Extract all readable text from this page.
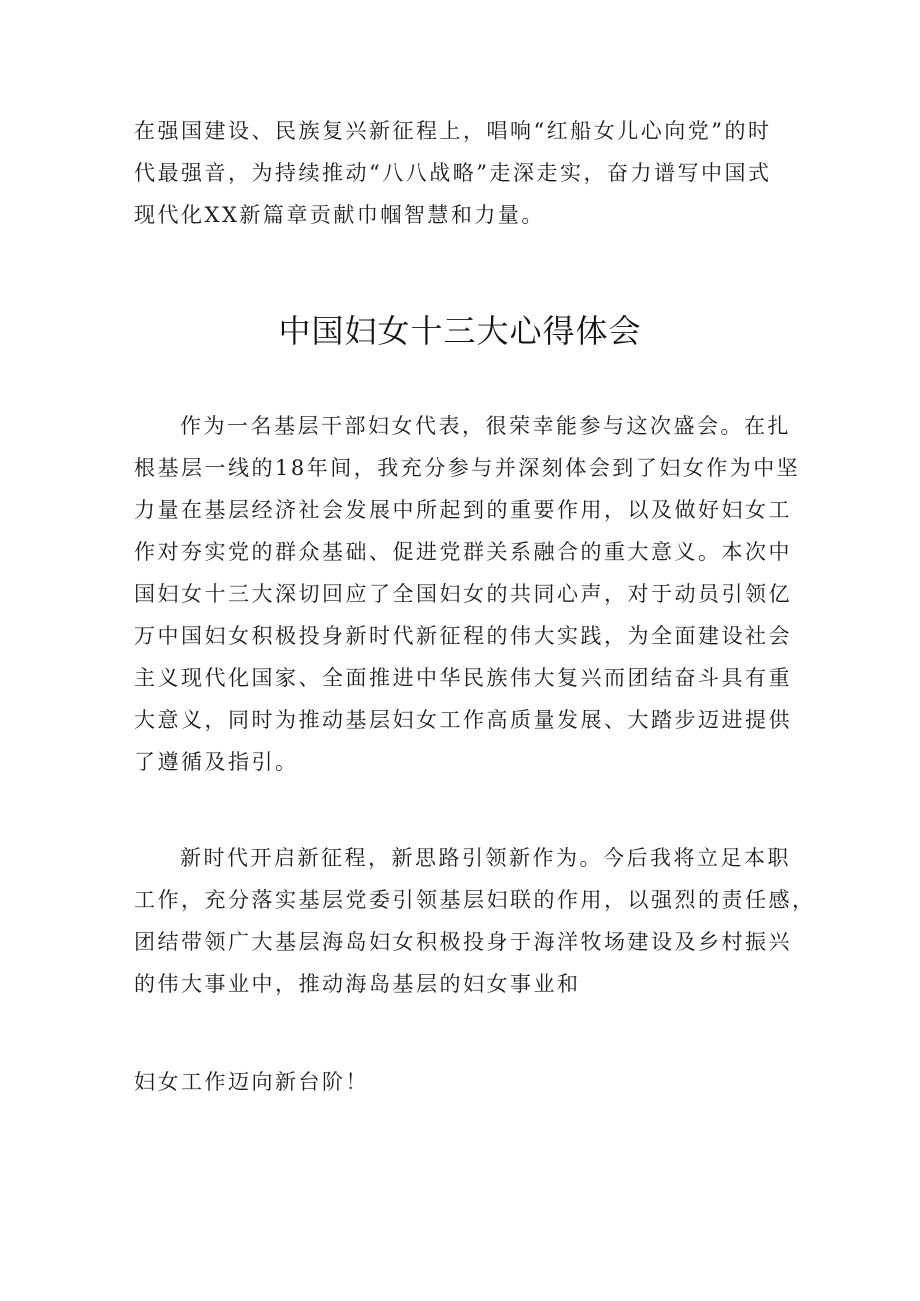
在强国建设、民族复兴新征程上，唱响“红船女儿心向党”的时
代最强音，为持续推动“八八战略”走深走实，奋力谱写中国式
现代化XX新篇章贡献巾帼智慧和力量。
中国妇女十三大心得体会
作为一名基层干部妇女代表，很荣幸能参与这次盛会。在扎
根基层一线的18年间，我充分参与并深刻体会到了妇女作为中坚
力量在基层经济社会发展中所起到的重要作用，以及做好妇女工
作对夯实党的群众基础、促进党群关系融合的重大意义。本次中
国妇女十三大深切回应了全国妇女的共同心声，对于动员引领亿
万中国妇女积极投身新时代新征程的伟大实践，为全面建设社会
主义现代化国家、全面推进中华民族伟大复兴而团结奋斗具有重
大意义，同时为推动基层妇女工作高质量发展、大踏步迈进提供
了遵循及指引。
新时代开启新征程，新思路引领新作为。今后我将立足本职
工作，充分落实基层党委引领基层妇联的作用，以强烈的责任感，
团结带领广大基层海岛妇女积极投身于海洋牧场建设及乡村振兴
的伟大事业中，推动海岛基层的妇女事业和
妇女工作迈向新台阶！
